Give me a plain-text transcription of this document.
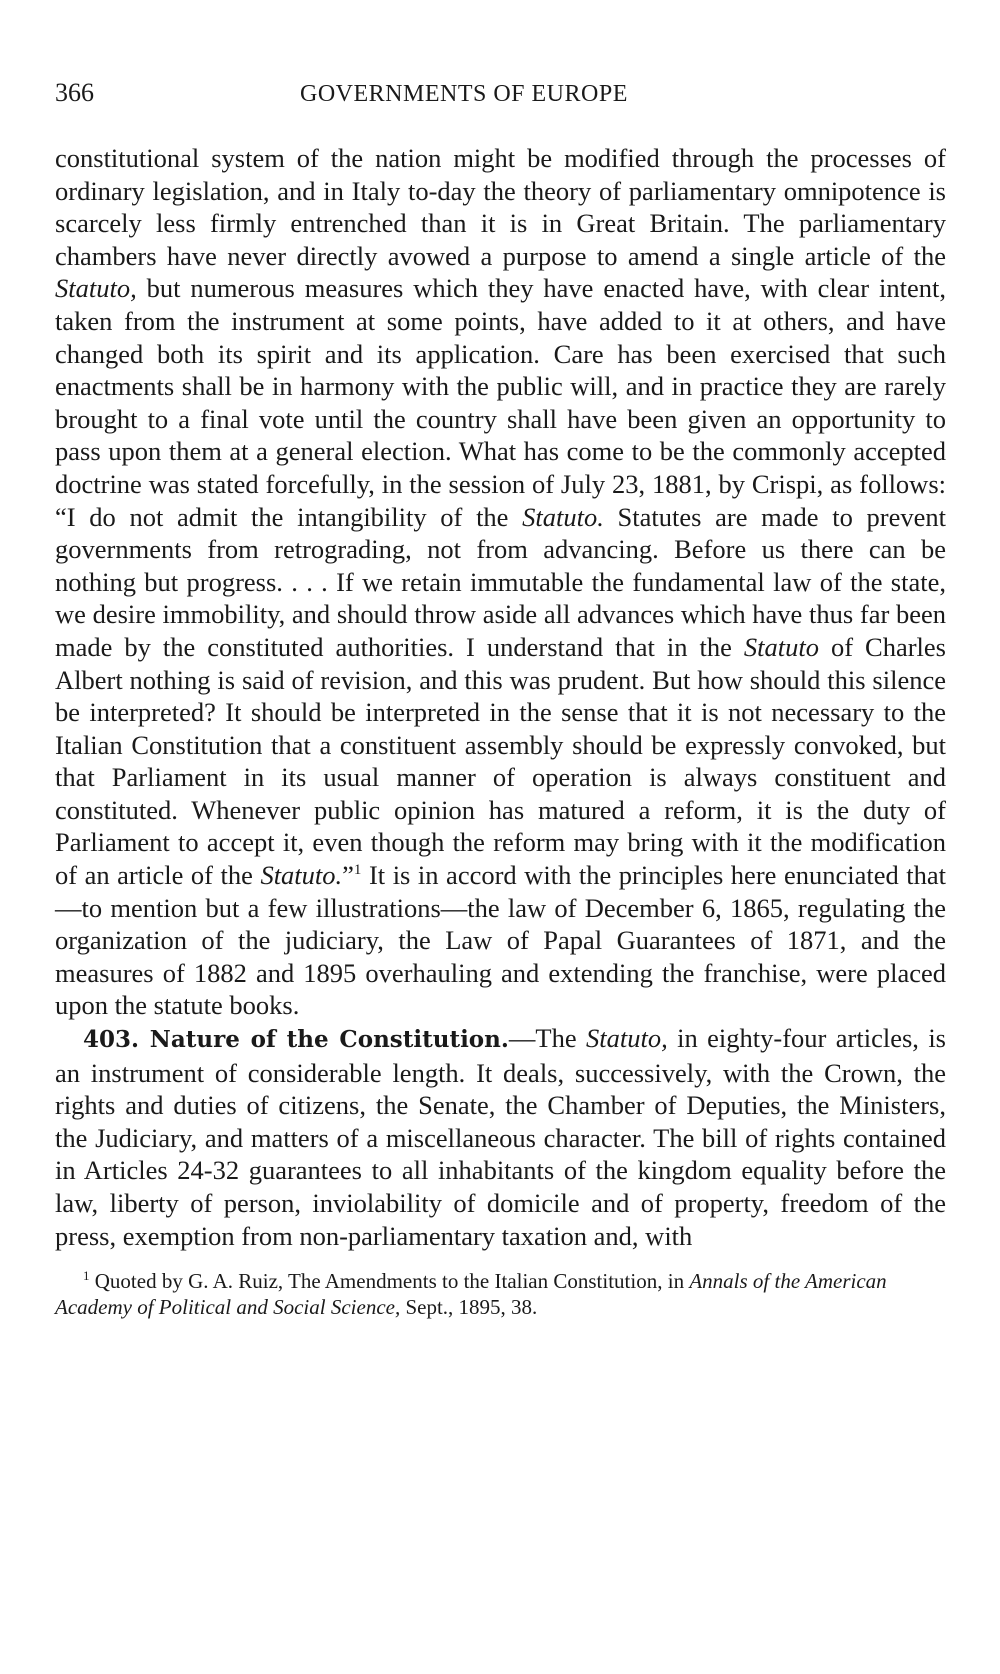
366	GOVERNMENTS OF EUROPE

constitutional system of the nation might be modified through the processes of ordinary legislation, and in Italy to-day the theory of parliamentary omnipotence is scarcely less firmly entrenched than it is in Great Britain. The parliamentary chambers have never directly avowed a purpose to amend a single article of the Statuto, but numerous measures which they have enacted have, with clear intent, taken from the instrument at some points, have added to it at others, and have changed both its spirit and its application. Care has been exercised that such enactments shall be in harmony with the public will, and in practice they are rarely brought to a final vote until the country shall have been given an opportunity to pass upon them at a general election. What has come to be the commonly accepted doctrine was stated forcefully, in the session of July 23, 1881, by Crispi, as follows: “I do not admit the intangibility of the Statuto. Statutes are made to prevent governments from retrograding, not from advancing. Before us there can be nothing but progress. . . . If we retain immutable the fundamental law of the state, we desire immobility, and should throw aside all advances which have thus far been made by the constituted authorities. I understand that in the Statuto of Charles Albert nothing is said of revision, and this was prudent. But how should this silence be interpreted? It should be interpreted in the sense that it is not necessary to the Italian Constitution that a constituent assembly should be expressly convoked, but that Parliament in its usual manner of operation is always constituent and constituted. Whenever public opinion has matured a reform, it is the duty of Parliament to accept it, even though the reform may bring with it the modification of an article of the Statuto.”$^1$ It is in accord with the principles here enunciated that—to mention but a few illustrations—the law of December 6, 1865, regulating the organization of the judiciary, the Law of Papal Guarantees of 1871, and the measures of 1882 and 1895 overhauling and extending the franchise, were placed upon the statute books.

403. Nature of the Constitution.—The Statuto, in eighty-four articles, is an instrument of considerable length. It deals, successively, with the Crown, the rights and duties of citizens, the Senate, the Chamber of Deputies, the Ministers, the Judiciary, and matters of a miscellaneous character. The bill of rights contained in Articles 24-32 guarantees to all inhabitants of the kingdom equality before the law, liberty of person, inviolability of domicile and of property, freedom of the press, exemption from non-parliamentary taxation and, with

$^1$ Quoted by G. A. Ruiz, The Amendments to the Italian Constitution, in Annals of the American Academy of Political and Social Science, Sept., 1895, 38.
